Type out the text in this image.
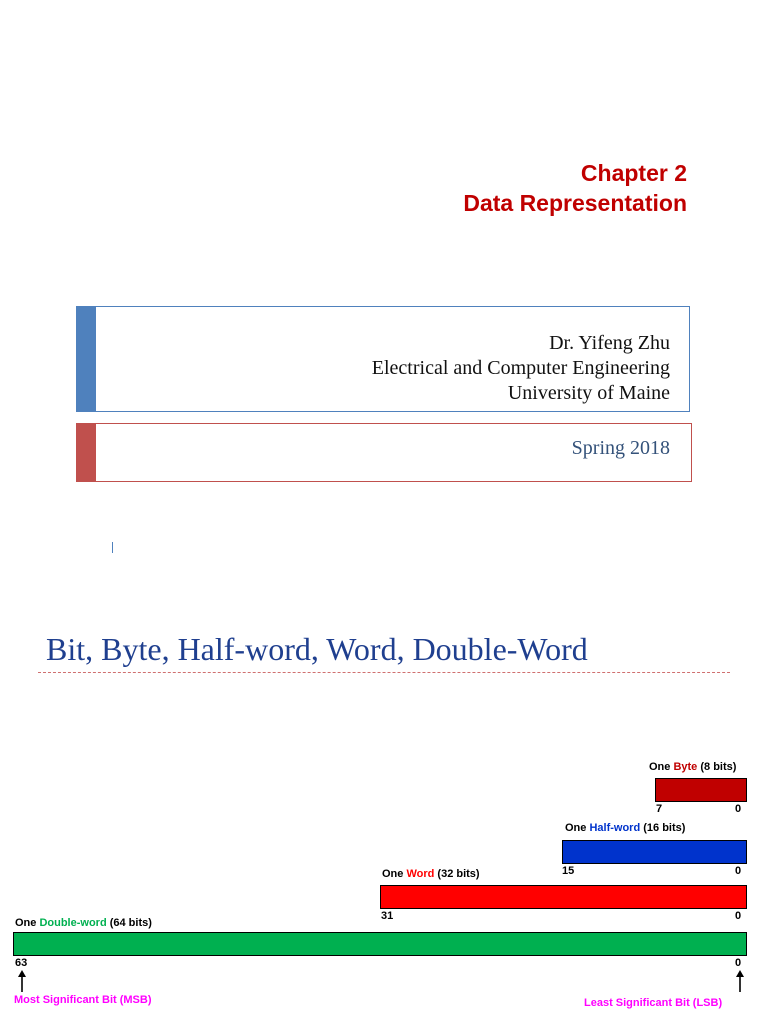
Chapter 2
Data Representation
Dr. Yifeng Zhu
Electrical and Computer Engineering
University of Maine
Spring 2018
Bit, Byte, Half-word, Word, Double-Word
One Byte (8 bits)
7	0
One Half-word (16 bits)
15	0
One Word (32 bits)
31	0
One Double-word (64 bits)
63	0
Most Significant Bit (MSB)	Least Significant Bit (LSB)
